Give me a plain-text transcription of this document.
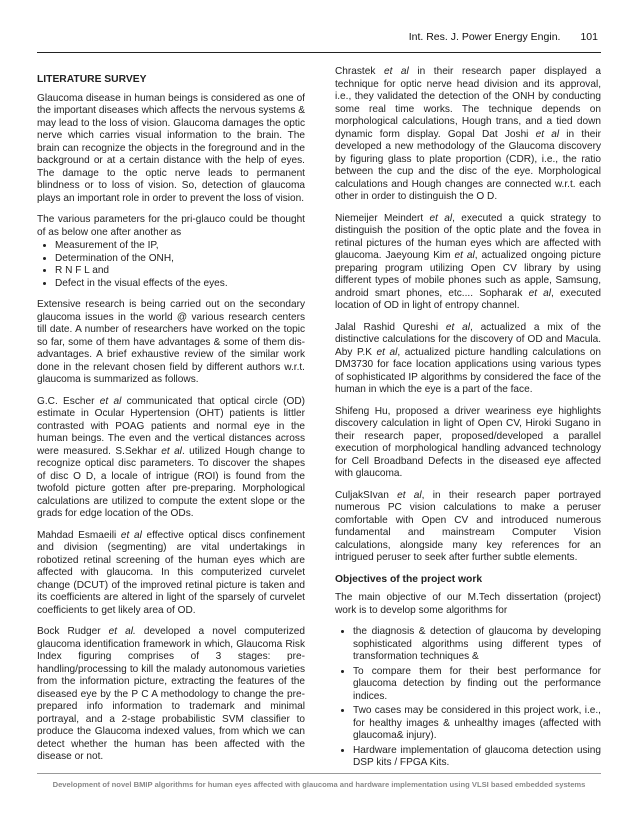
Int. Res. J. Power Energy Engin. 101
LITERATURE SURVEY

Glaucoma disease in human beings is considered as one of the important diseases which affects the nervous systems & may lead to the loss of vision. Glaucoma damages the optic nerve which carries visual information to the brain. The brain can recognize the objects in the foreground and in the background or at a certain distance with the help of eyes. The damage to the optic nerve leads to permanent blindness or to loss of vision. So, detection of glaucoma plays an important role in order to prevent the loss of vision.

The various parameters for the pri-glauco could be thought of as below one after another as

• Measurement of the IP,
• Determination of the ONH,
• R N F L and
• Defect in the visual effects of the eyes.

Extensive research is being carried out on the secondary glaucoma issues in the world @ various research centers till date. A number of researchers have worked on the topic so far, some of them have advantages & some of them dis-advantages. A brief exhaustive review of the similar work done in the relevant chosen field by different authors w.r.t. glaucoma is summarized as follows.

G.C. Escher et al communicated that optical circle (OD) estimate in Ocular Hypertension (OHT) patients is littler contrasted with POAG patients and normal eye in the human beings. The even and the vertical distances across were measured. S.Sekhar et al. utilized Hough change to recognize optical disc parameters. To discover the shapes of disc O D, a locale of intrigue (ROI) is found from the twofold picture gotten after pre-preparing. Morphological calculations are utilized to compute the extent slope or the grads for edge location of the ODs.

Mahdad Esmaeili et al effective optical discs confinement and division (segmenting) are vital undertakings in robotized retinal screening of the human eyes which are affected with glaucoma. In this computerized curvelet change (DCUT) of the improved retinal picture is taken and its coefficients are altered in light of the sparsely of curvelet coefficients to get likely area of OD.

Bock Rudger et al. developed a novel computerized glaucoma identification framework in which, Glaucoma Risk Index figuring comprises of 3 stages: pre-handling/processing to kill the malady autonomous varieties from the information picture, extracting the features of the diseased eye by the P C A methodology to change the pre-prepared info information to trademark and minimal portrayal, and a 2-stage probabilistic SVM classifier to produce the Glaucoma indexed values, from which we can detect whether the human has been affected with the disease or not.

Chrastek et al in their research paper displayed a technique for optic nerve head division and its approval, i.e., they validated the detection of the ONH by conducting some real time works. The technique depends on morphological calculations, Hough trans, and a tied down dynamic form display. Gopal Dat Joshi et al in their developed a new methodology of the Glaucoma discovery by figuring glass to plate proportion (CDR), i.e., the ratio between the cup and the disc of the eye. Morphological calculations and Hough changes are connected w.r.t. each other in order to distinguish the O D.

Niemeijer Meindert et al, executed a quick strategy to distinguish the position of the optic plate and the fovea in retinal pictures of the human eyes which are affected with glaucoma. Jaeyoung Kim et al, actualized ongoing picture preparing program utilizing Open CV library by using different types of mobile phones such as apple, Samsung, android smart phones, etc.... Sopharak et al, executed location of OD in light of entropy channel.

Jalal Rashid Qureshi et al, actualized a mix of the distinctive calculations for the discovery of OD and Macula. Aby P.K et al, actualized picture handling calculations on DM3730 for face location applications using various types of sophisticated IP algorithms by considered the face of the human in which the eye is a part of the face.

Shifeng Hu, proposed a driver weariness eye highlights discovery calculation in light of Open CV, Hiroki Sugano in their research paper, proposed/developed a parallel execution of morphological handling advanced technology for Cell Broadband Defects in the diseased eye affected with glaucoma.

CuljakSIvan et al, in their research paper portrayed numerous PC vision calculations to make a peruser comfortable with Open CV and introduced numerous fundamental and mainstream Computer Vision calculations, alongside many key references for an intrigued peruser to seek after further subtle elements.

Objectives of the project work

The main objective of our M.Tech dissertation (project) work is to develop some algorithms for

• the diagnosis & detection of glaucoma by developing sophisticated algorithms using different types of transformation techniques &
• To compare them for their best performance for glaucoma detection by finding out the performance indices.
• Two cases may be considered in this project work, i.e., for healthy images & unhealthy images (affected with glaucoma& injury).
• Hardware implementation of glaucoma detection using DSP kits / FPGA Kits.
Development of novel BMIP algorithms for human eyes affected with glaucoma and hardware implementation using VLSI based embedded systems
